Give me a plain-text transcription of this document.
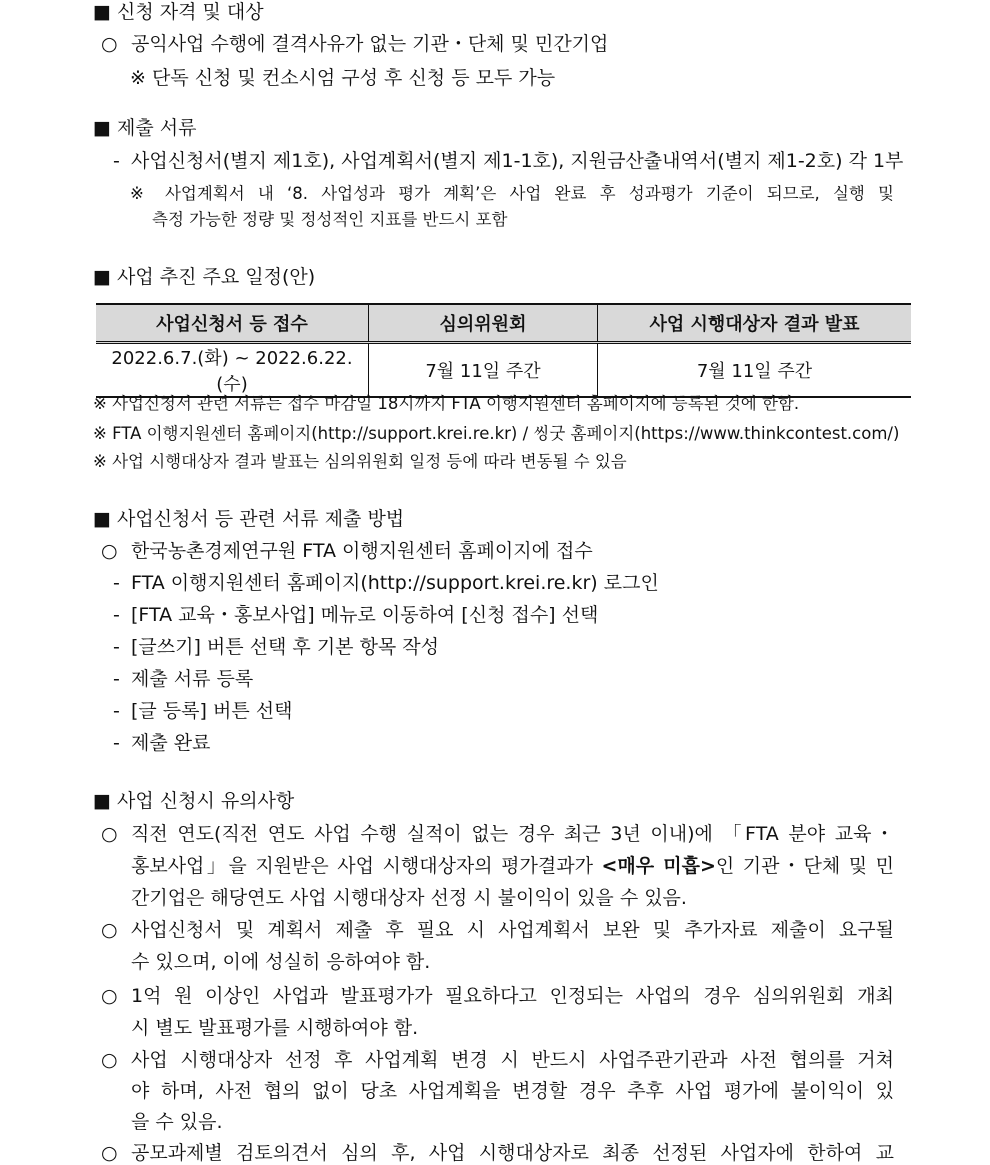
■ 신청 자격 및 대상
○ 공익사업 수행에 결격사유가 없는 기관・단체 및 민간기업
※ 단독 신청 및 컨소시엄 구성 후 신청 등 모두 가능
■ 제출 서류
- 사업신청서(별지 제1호), 사업계획서(별지 제1-1호), 지원금산출내역서(별지 제1-2호) 각 1부
※ 사업계획서 내 ‘8. 사업성과 평가 계획’은 사업 완료 후 성과평가 기준이 되므로, 실행 및
측정 가능한 정량 및 정성적인 지표를 반드시 포함
■ 사업 추진 주요 일정(안)
사업신청서 등 접수	심의위원회	사업 시행대상자 결과 발표
2022.6.7.(화) ~ 2022.6.22.(수)	7월 11일 주간	7월 11일 주간
※ 사업신청서 관련 서류는 접수 마감일 18시까지 FTA 이행지원센터 홈페이지에 등록된 것에 한함.
※ FTA 이행지원센터 홈페이지(http://support.krei.re.kr) / 씽굿 홈페이지(https://www.thinkcontest.com/)
※ 사업 시행대상자 결과 발표는 심의위원회 일정 등에 따라 변동될 수 있음
■ 사업신청서 등 관련 서류 제출 방법
○ 한국농촌경제연구원 FTA 이행지원센터 홈페이지에 접수
- FTA 이행지원센터 홈페이지(http://support.krei.re.kr) 로그인
- [FTA 교육・홍보사업] 메뉴로 이동하여 [신청 접수] 선택
- [글쓰기] 버튼 선택 후 기본 항목 작성
- 제출 서류 등록
- [글 등록] 버튼 선택
- 제출 완료
■ 사업 신청시 유의사항
○ 직전 연도(직전 연도 사업 수행 실적이 없는 경우 최근 3년 이내)에 「FTA 분야 교육・
홍보사업」을 지원받은 사업 시행대상자의 평가결과가 <매우 미흡>인 기관・단체 및 민
간기업은 해당연도 사업 시행대상자 선정 시 불이익이 있을 수 있음.
○ 사업신청서 및 계획서 제출 후 필요 시 사업계획서 보완 및 추가자료 제출이 요구될
수 있으며, 이에 성실히 응하여야 함.
○ 1억 원 이상인 사업과 발표평가가 필요하다고 인정되는 사업의 경우 심의위원회 개최
시 별도 발표평가를 시행하여야 함.
○ 사업 시행대상자 선정 후 사업계획 변경 시 반드시 사업주관기관과 사전 협의를 거쳐
야 하며, 사전 협의 없이 당초 사업계획을 변경할 경우 추후 사업 평가에 불이익이 있
을 수 있음.
○ 공모과제별 검토의견서 심의 후, 사업 시행대상자로 최종 선정된 사업자에 한하여 교
